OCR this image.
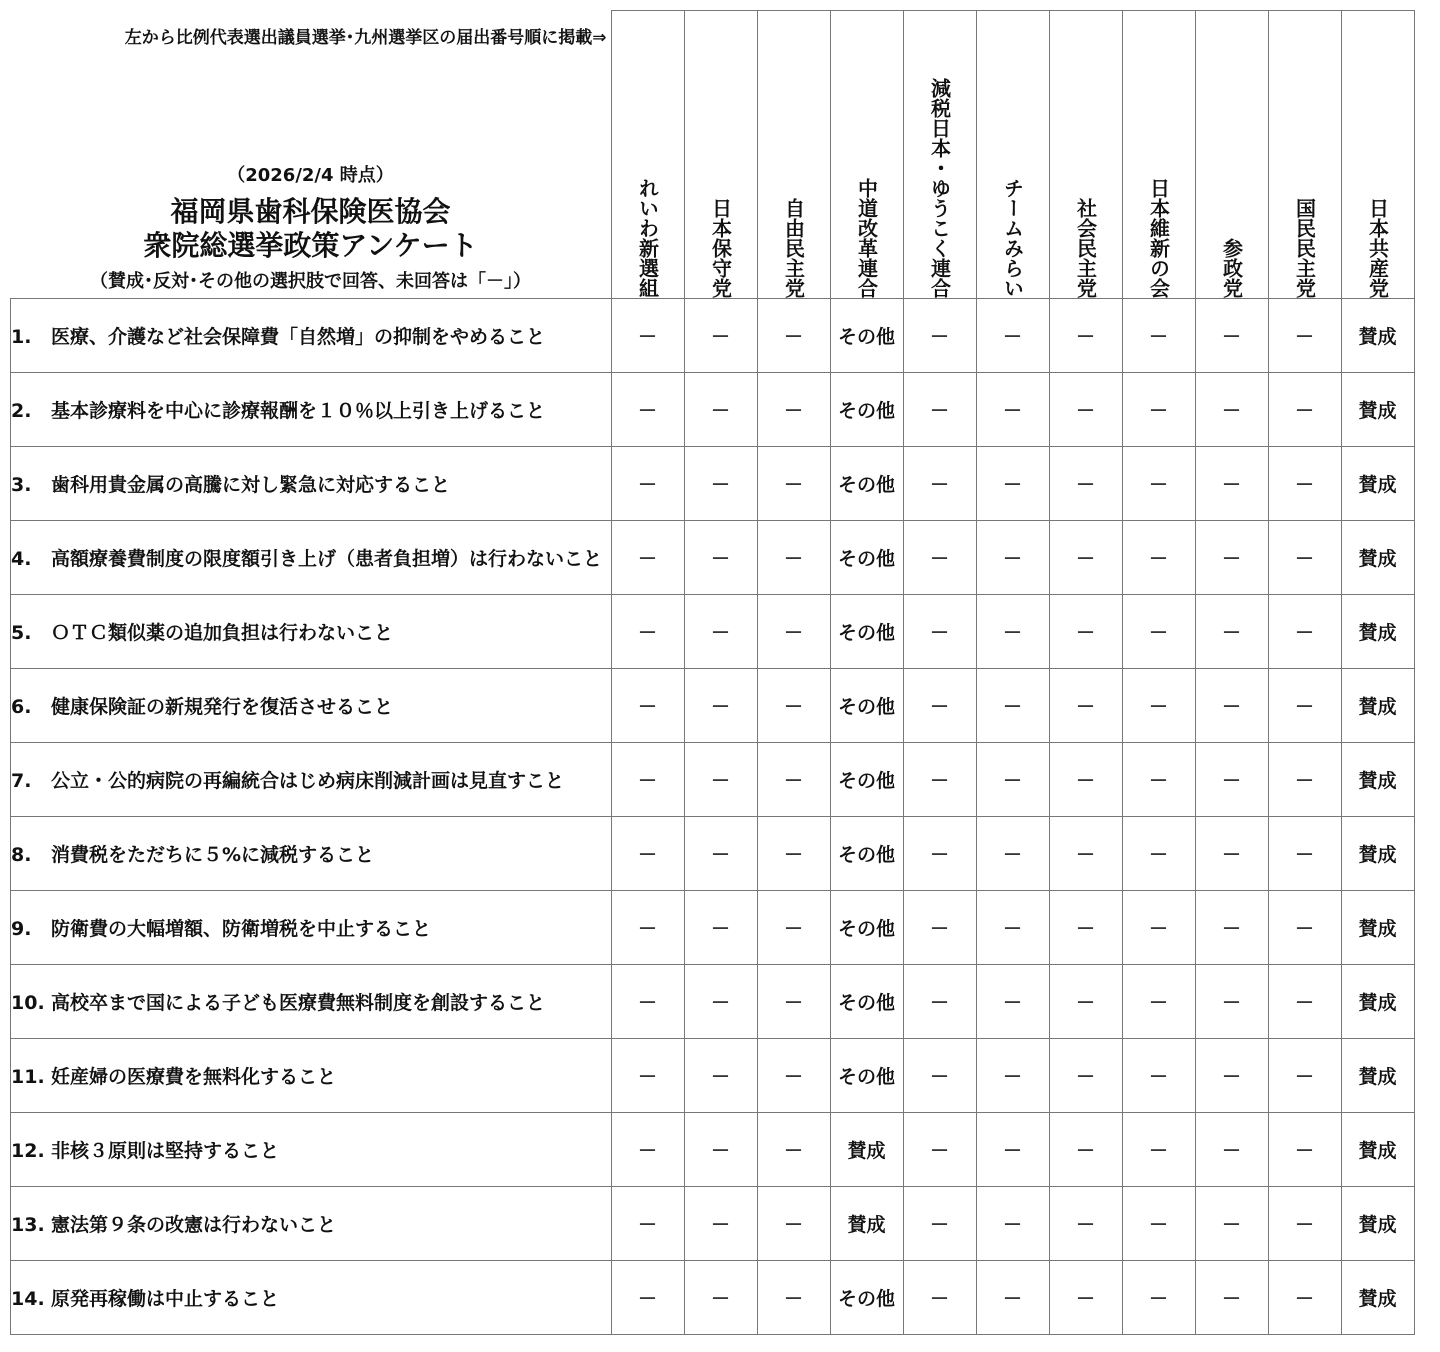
左から比例代表選出議員選挙･九州選挙区の届出番号順に掲載⇒
（2026/2/4 時点）
福岡県歯科保険医協会
衆院総選挙政策アンケート
（賛成･反対･その他の選択肢で回答、未回答は「－」）	れいわ新選組	日本保守党	自由民主党	中道改革連合	減税日本・ゆうこく連合	チームみらい	社会民主党	日本維新の会	参政党	国民民主党	日本共産党

1. 医療、介護など社会保障費「自然増」の抑制をやめること	－	－	－	その他	－	－	－	－	－	－	賛成
2. 基本診療料を中心に診療報酬を１０％以上引き上げること	－	－	－	その他	－	－	－	－	－	－	賛成
3. 歯科用貴金属の高騰に対し緊急に対応すること	－	－	－	その他	－	－	－	－	－	－	賛成
4. 高額療養費制度の限度額引き上げ（患者負担増）は行わないこと	－	－	－	その他	－	－	－	－	－	－	賛成
5. ＯＴＣ類似薬の追加負担は行わないこと	－	－	－	その他	－	－	－	－	－	－	賛成
6. 健康保険証の新規発行を復活させること	－	－	－	その他	－	－	－	－	－	－	賛成
7. 公立・公的病院の再編統合はじめ病床削減計画は見直すこと	－	－	－	その他	－	－	－	－	－	－	賛成
8. 消費税をただちに５%に減税すること	－	－	－	その他	－	－	－	－	－	－	賛成
9. 防衛費の大幅増額、防衛増税を中止すること	－	－	－	その他	－	－	－	－	－	－	賛成
10. 高校卒まで国による子ども医療費無料制度を創設すること	－	－	－	その他	－	－	－	－	－	－	賛成
11. 妊産婦の医療費を無料化すること	－	－	－	その他	－	－	－	－	－	－	賛成
12. 非核３原則は堅持すること	－	－	－	賛成	－	－	－	－	－	－	賛成
13. 憲法第９条の改憲は行わないこと	－	－	－	賛成	－	－	－	－	－	－	賛成
14. 原発再稼働は中止すること	－	－	－	その他	－	－	－	－	－	－	賛成
